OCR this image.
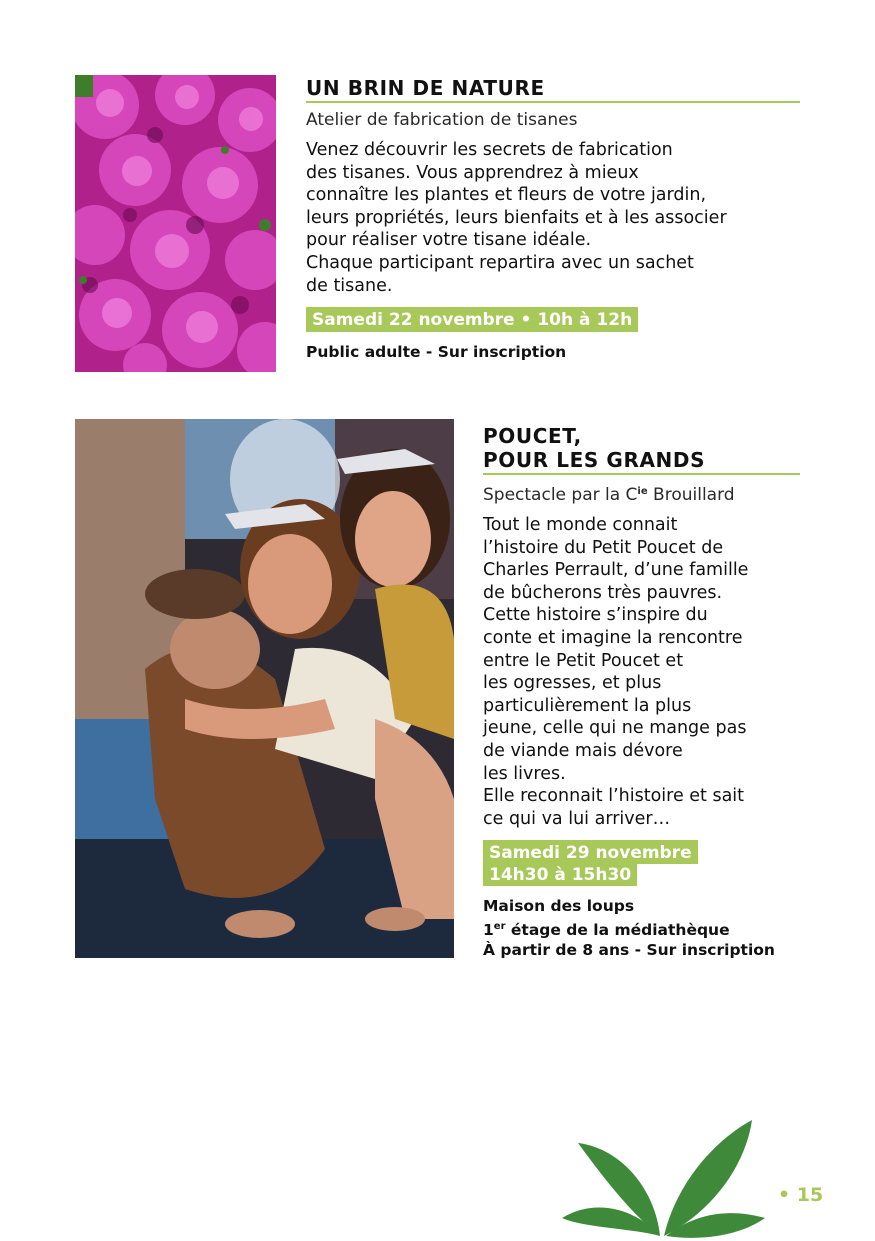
UN BRIN DE NATURE
Atelier de fabrication de tisanes
Venez découvrir les secrets de fabrication
des tisanes. Vous apprendrez à mieux
connaître les plantes et fleurs de votre jardin,
leurs propriétés, leurs bienfaits et à les associer
pour réaliser votre tisane idéale.
Chaque participant repartira avec un sachet
de tisane.
Samedi 22 novembre • 10h à 12h
Public adulte - Sur inscription
POUCET,
POUR LES GRANDS
Spectacle par la $C^{ie}$ Brouillard
Tout le monde connait
l’histoire du Petit Poucet de
Charles Perrault, d’une famille
de bûcherons très pauvres.
Cette histoire s’inspire du
conte et imagine la rencontre
entre le Petit Poucet et
les ogresses, et plus
particulièrement la plus
jeune, celle qui ne mange pas
de viande mais dévore
les livres.
Elle reconnait l’histoire et sait
ce qui va lui arriver…
Samedi 29 novembre
14h30 à 15h30
Maison des loups
1er étage de la médiathèque
À partir de 8 ans - Sur inscription
• 15
